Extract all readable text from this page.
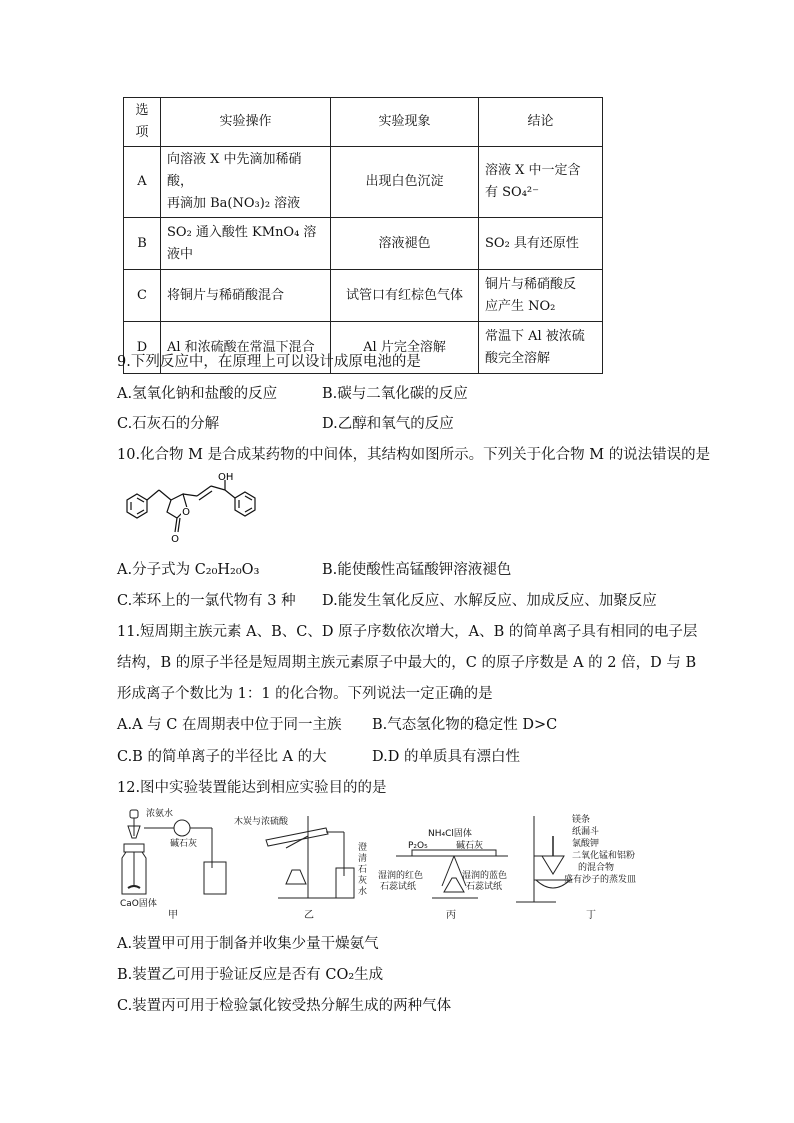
选项	实验操作	实验现象	结论
A	向溶液 X 中先滴加稀硝酸，
再滴加 Ba(NO₃)₂ 溶液	出现白色沉淀	溶液 X 中一定含
有 SO₄²⁻
B	SO₂ 通入酸性 KMnO₄ 溶液中	溶液褪色	SO₂ 具有还原性
C	将铜片与稀硝酸混合	试管口有红棕色气体	铜片与稀硝酸反
应产生 NO₂
D	Al 和浓硫酸在常温下混合	Al 片完全溶解	常温下 Al 被浓硫
酸完全溶解
9.下列反应中，在原理上可以设计成原电池的是
A.氢氧化钠和盐酸的反应	B.碳与二氧化碳的反应
C.石灰石的分解	D.乙醇和氧气的反应
10.化合物 M 是合成某药物的中间体，其结构如图所示。下列关于化合物 M 的说法错误的是
O
O
OH
A.分子式为 C₂₀H₂₀O₃	B.能使酸性高锰酸钾溶液褪色
C.苯环上的一氯代物有 3 种 D.能发生氧化反应、水解反应、加成反应、加聚反应
11.短周期主族元素 A、B、C、D 原子序数依次增大，A、B 的简单离子具有相同的电子层
结构，B 的原子半径是短周期主族元素原子中最大的，C 的原子序数是 A 的 2 倍，D 与 B
形成离子个数比为 1：1 的化合物。下列说法一定正确的是
A.A 与 C 在周期表中位于同一主族 B.气态氢化物的稳定性 D>C
C.B 的简单离子的半径比 A 的大	D.D 的单质具有漂白性
12.图中实验装置能达到相应实验目的的是
浓氨水
碱石灰
CaO固体
甲
木炭与浓硫酸
澄
清
石
灰
水
乙
NH₄Cl固体
P₂O₅	碱石灰
湿润的红色
石蕊试纸
湿润的蓝色
石蕊试纸
丙
镁条
纸漏斗
氯酸钾
二氧化锰和铝粉
的混合物
盛有沙子的蒸发皿
丁
A.装置甲可用于制备并收集少量干燥氨气
B.装置乙可用于验证反应是否有 CO₂生成
C.装置丙可用于检验氯化铵受热分解生成的两种气体
